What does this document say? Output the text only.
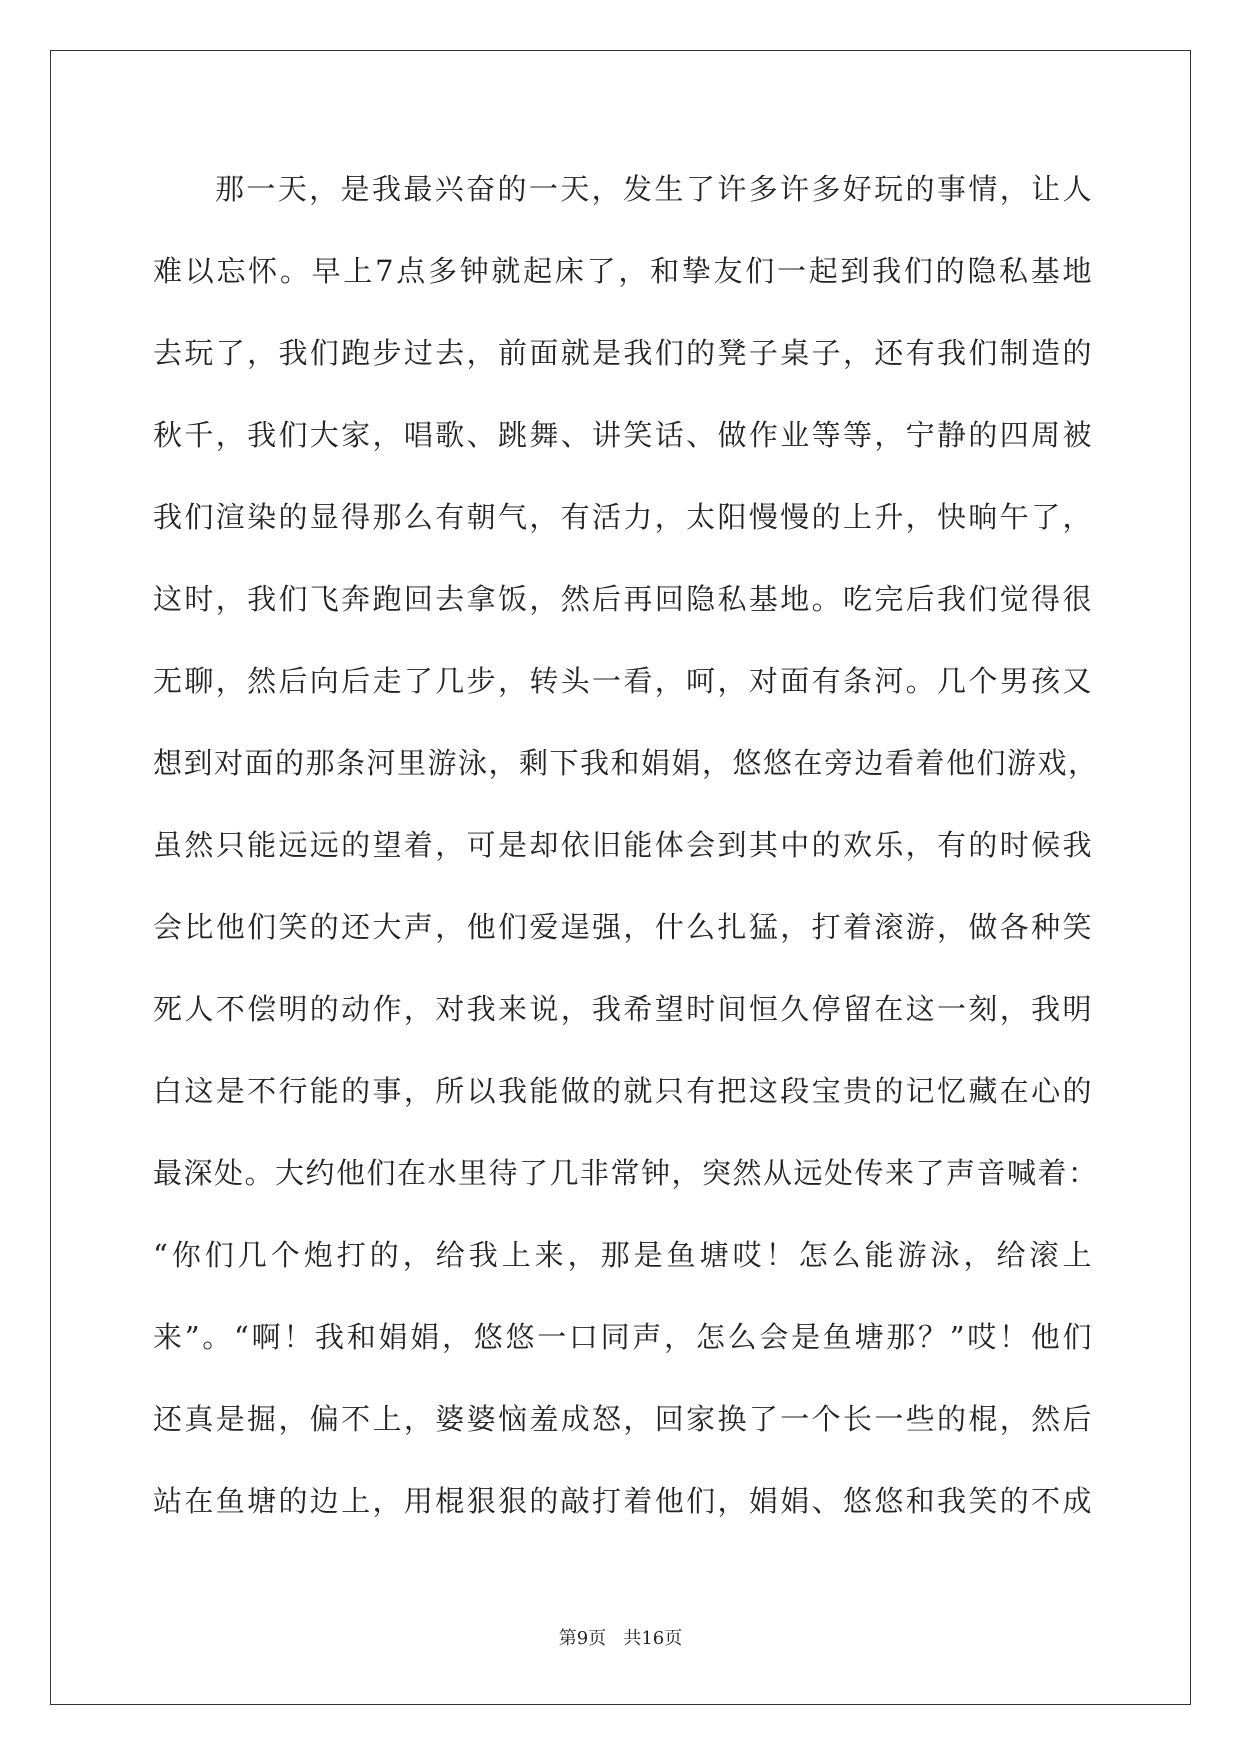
那一天，是我最兴奋的一天，发生了许多许多好玩的事情，让人
难以忘怀。早上7点多钟就起床了，和挚友们一起到我们的隐私基地
去玩了，我们跑步过去，前面就是我们的凳子桌子，还有我们制造的
秋千，我们大家，唱歌、跳舞、讲笑话、做作业等等，宁静的四周被
我们渲染的显得那么有朝气，有活力，太阳慢慢的上升，快晌午了，
这时，我们飞奔跑回去拿饭，然后再回隐私基地。吃完后我们觉得很
无聊，然后向后走了几步，转头一看，呵，对面有条河。几个男孩又
想到对面的那条河里游泳，剩下我和娟娟，悠悠在旁边看着他们游戏，
虽然只能远远的望着，可是却依旧能体会到其中的欢乐，有的时候我
会比他们笑的还大声，他们爱逞强，什么扎猛，打着滚游，做各种笑
死人不偿明的动作，对我来说，我希望时间恒久停留在这一刻，我明
白这是不行能的事，所以我能做的就只有把这段宝贵的记忆藏在心的
最深处。大约他们在水里待了几非常钟，突然从远处传来了声音喊着：
“你们几个炮打的，给我上来，那是鱼塘哎！怎么能游泳，给滚上
来”。“啊！我和娟娟，悠悠一口同声，怎么会是鱼塘那？”哎！他们
还真是掘，偏不上，婆婆恼羞成怒，回家换了一个长一些的棍，然后
站在鱼塘的边上，用棍狠狠的敲打着他们，娟娟、悠悠和我笑的不成
第9页   共16页
